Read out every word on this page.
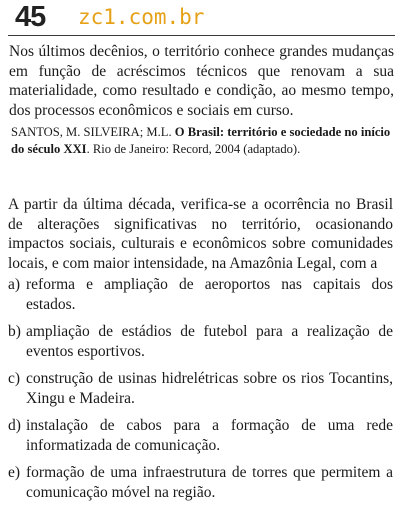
45 zc1.com.br
Nos últimos decênios, o território conhece grandes mudanças em função de acréscimos técnicos que renovam a sua materialidade, como resultado e condição, ao mesmo tempo, dos processos econômicos e sociais em curso.
SANTOS, M. SILVEIRA; M.L. O Brasil: território e sociedade no início do século XXI. Rio de Janeiro: Record, 2004 (adaptado).
A partir da última década, verifica-se a ocorrência no Brasil de alterações significativas no território, ocasionando impactos sociais, culturais e econômicos sobre comunidades locais, e com maior intensidade, na Amazônia Legal, com a
a) reforma e ampliação de aeroportos nas capitais dos estados.
b) ampliação de estádios de futebol para a realização de eventos esportivos.
c) construção de usinas hidrelétricas sobre os rios Tocantins, Xingu e Madeira.
d) instalação de cabos para a formação de uma rede informatizada de comunicação.
e) formação de uma infraestrutura de torres que permitem a comunicação móvel na região.
